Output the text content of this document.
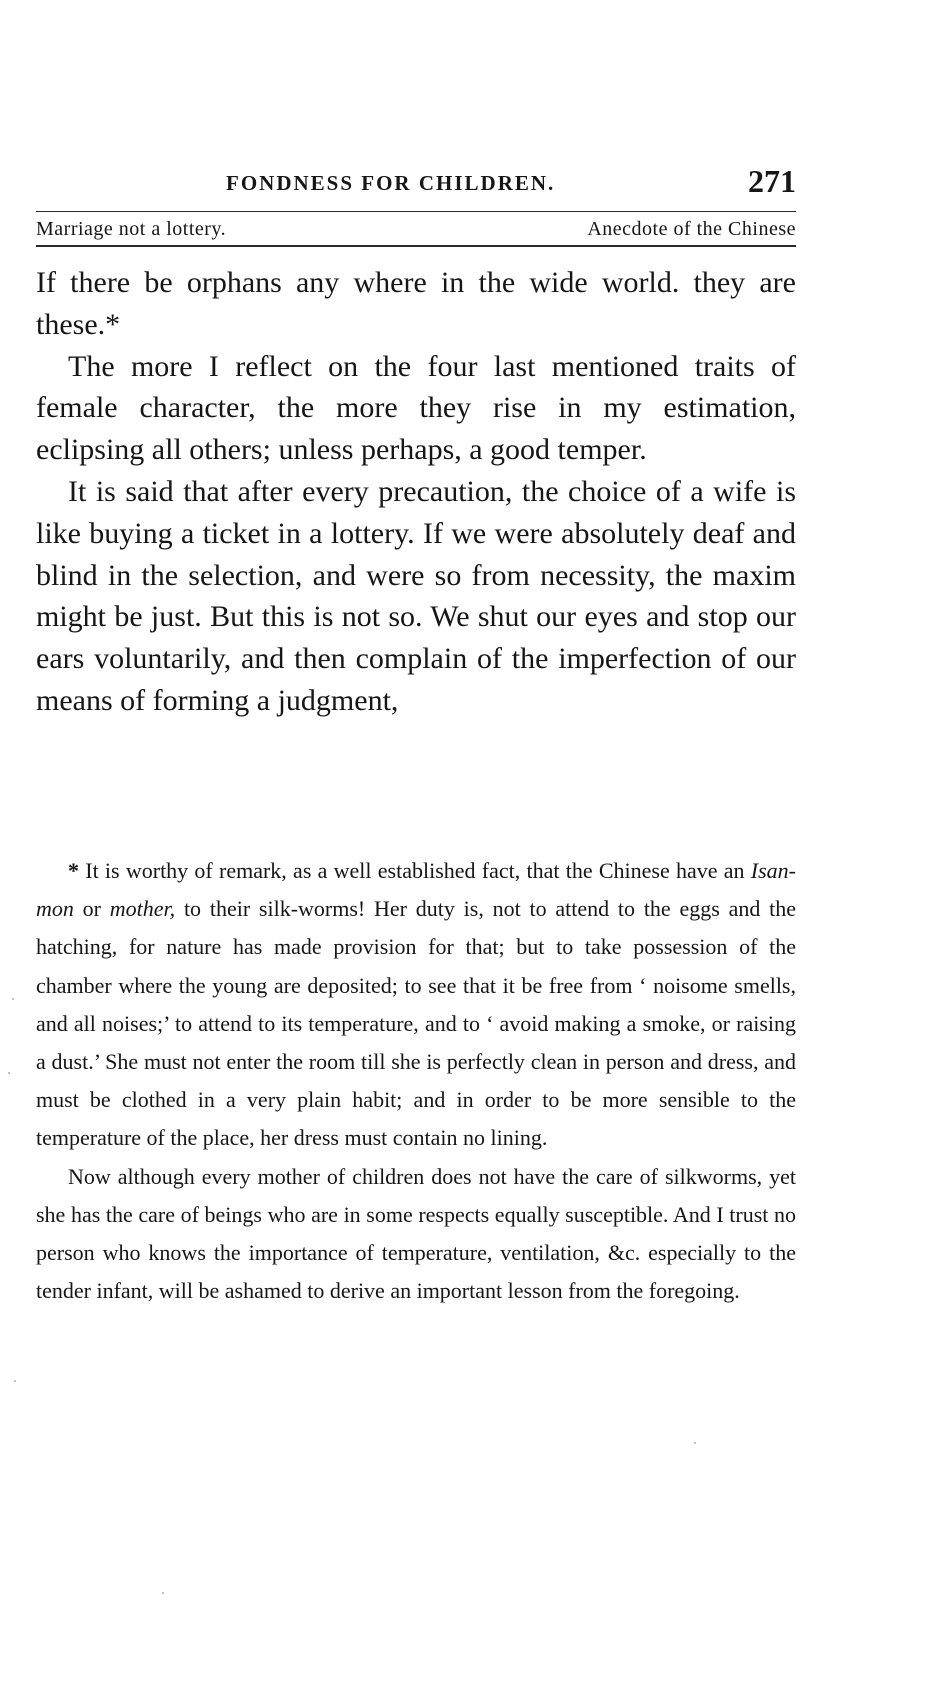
FONDNESS FOR CHILDREN.	271
Marriage not a lottery.	Anecdote of the Chinese

If there be orphans any where in the wide world. they are these.*

The more I reflect on the four last mentioned traits of female character, the more they rise in my estimation, eclipsing all others; unless perhaps, a good temper.

It is said that after every precaution, the choice of a wife is like buying a ticket in a lottery. If we were absolutely deaf and blind in the selection, and were so from necessity, the maxim might be just. But this is not so. We shut our eyes and stop our ears voluntarily, and then complain of the imperfection of our means of forming a judgment,

* It is worthy of remark, as a well established fact, that the Chinese have an Isan-mon or mother, to their silk-worms! Her duty is, not to attend to the eggs and the hatching, for nature has made provision for that; but to take possession of the chamber where the young are deposited; to see that it be free from ‘ noisome smells, and all noises;’ to attend to its temperature, and to ‘ avoid making a smoke, or raising a dust.’ She must not enter the room till she is perfectly clean in person and dress, and must be clothed in a very plain habit; and in order to be more sensible to the temperature of the place, her dress must contain no lining.

Now although every mother of children does not have the care of silkworms, yet she has the care of beings who are in some respects equally susceptible. And I trust no person who knows the importance of temperature, ventilation, &c. especially to the tender infant, will be ashamed to derive an important lesson from the foregoing.
